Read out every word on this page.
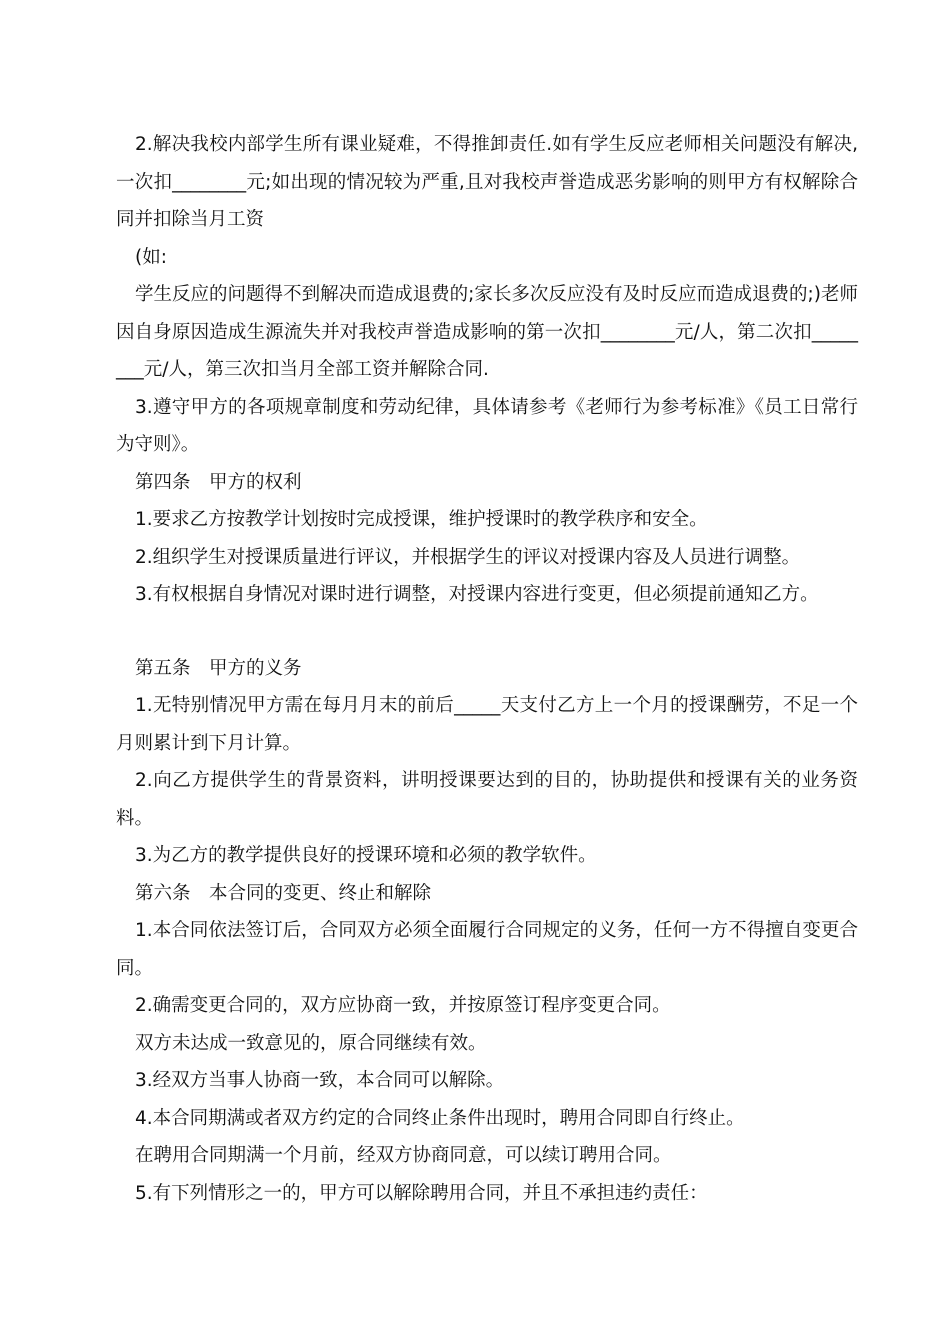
2.解决我校内部学生所有课业疑难，不得推卸责任.如有学生反应老师相关问题没有解决,一次扣________元;如出现的情况较为严重,且对我校声誉造成恶劣影响的则甲方有权解除合同并扣除当月工资

(如:

学生反应的问题得不到解决而造成退费的;家长多次反应没有及时反应而造成退费的;)老师因自身原因造成生源流失并对我校声誉造成影响的第一次扣________元/人，第二次扣________元/人，第三次扣当月全部工资并解除合同.

3.遵守甲方的各项规章制度和劳动纪律，具体请参考《老师行为参考标准》《员工日常行为守则》。

第四条　甲方的权利

1.要求乙方按教学计划按时完成授课，维护授课时的教学秩序和安全。

2.组织学生对授课质量进行评议，并根据学生的评议对授课内容及人员进行调整。

3.有权根据自身情况对课时进行调整，对授课内容进行变更，但必须提前通知乙方。

第五条　甲方的义务

1.无特别情况甲方需在每月月末的前后_____天支付乙方上一个月的授课酬劳，不足一个月则累计到下月计算。

2.向乙方提供学生的背景资料，讲明授课要达到的目的，协助提供和授课有关的业务资料。

3.为乙方的教学提供良好的授课环境和必须的教学软件。

第六条　本合同的变更、终止和解除

1.本合同依法签订后，合同双方必须全面履行合同规定的义务，任何一方不得擅自变更合同。

2.确需变更合同的，双方应协商一致，并按原签订程序变更合同。

双方未达成一致意见的，原合同继续有效。

3.经双方当事人协商一致，本合同可以解除。

4.本合同期满或者双方约定的合同终止条件出现时，聘用合同即自行终止。

在聘用合同期满一个月前，经双方协商同意，可以续订聘用合同。

5.有下列情形之一的，甲方可以解除聘用合同，并且不承担违约责任：
